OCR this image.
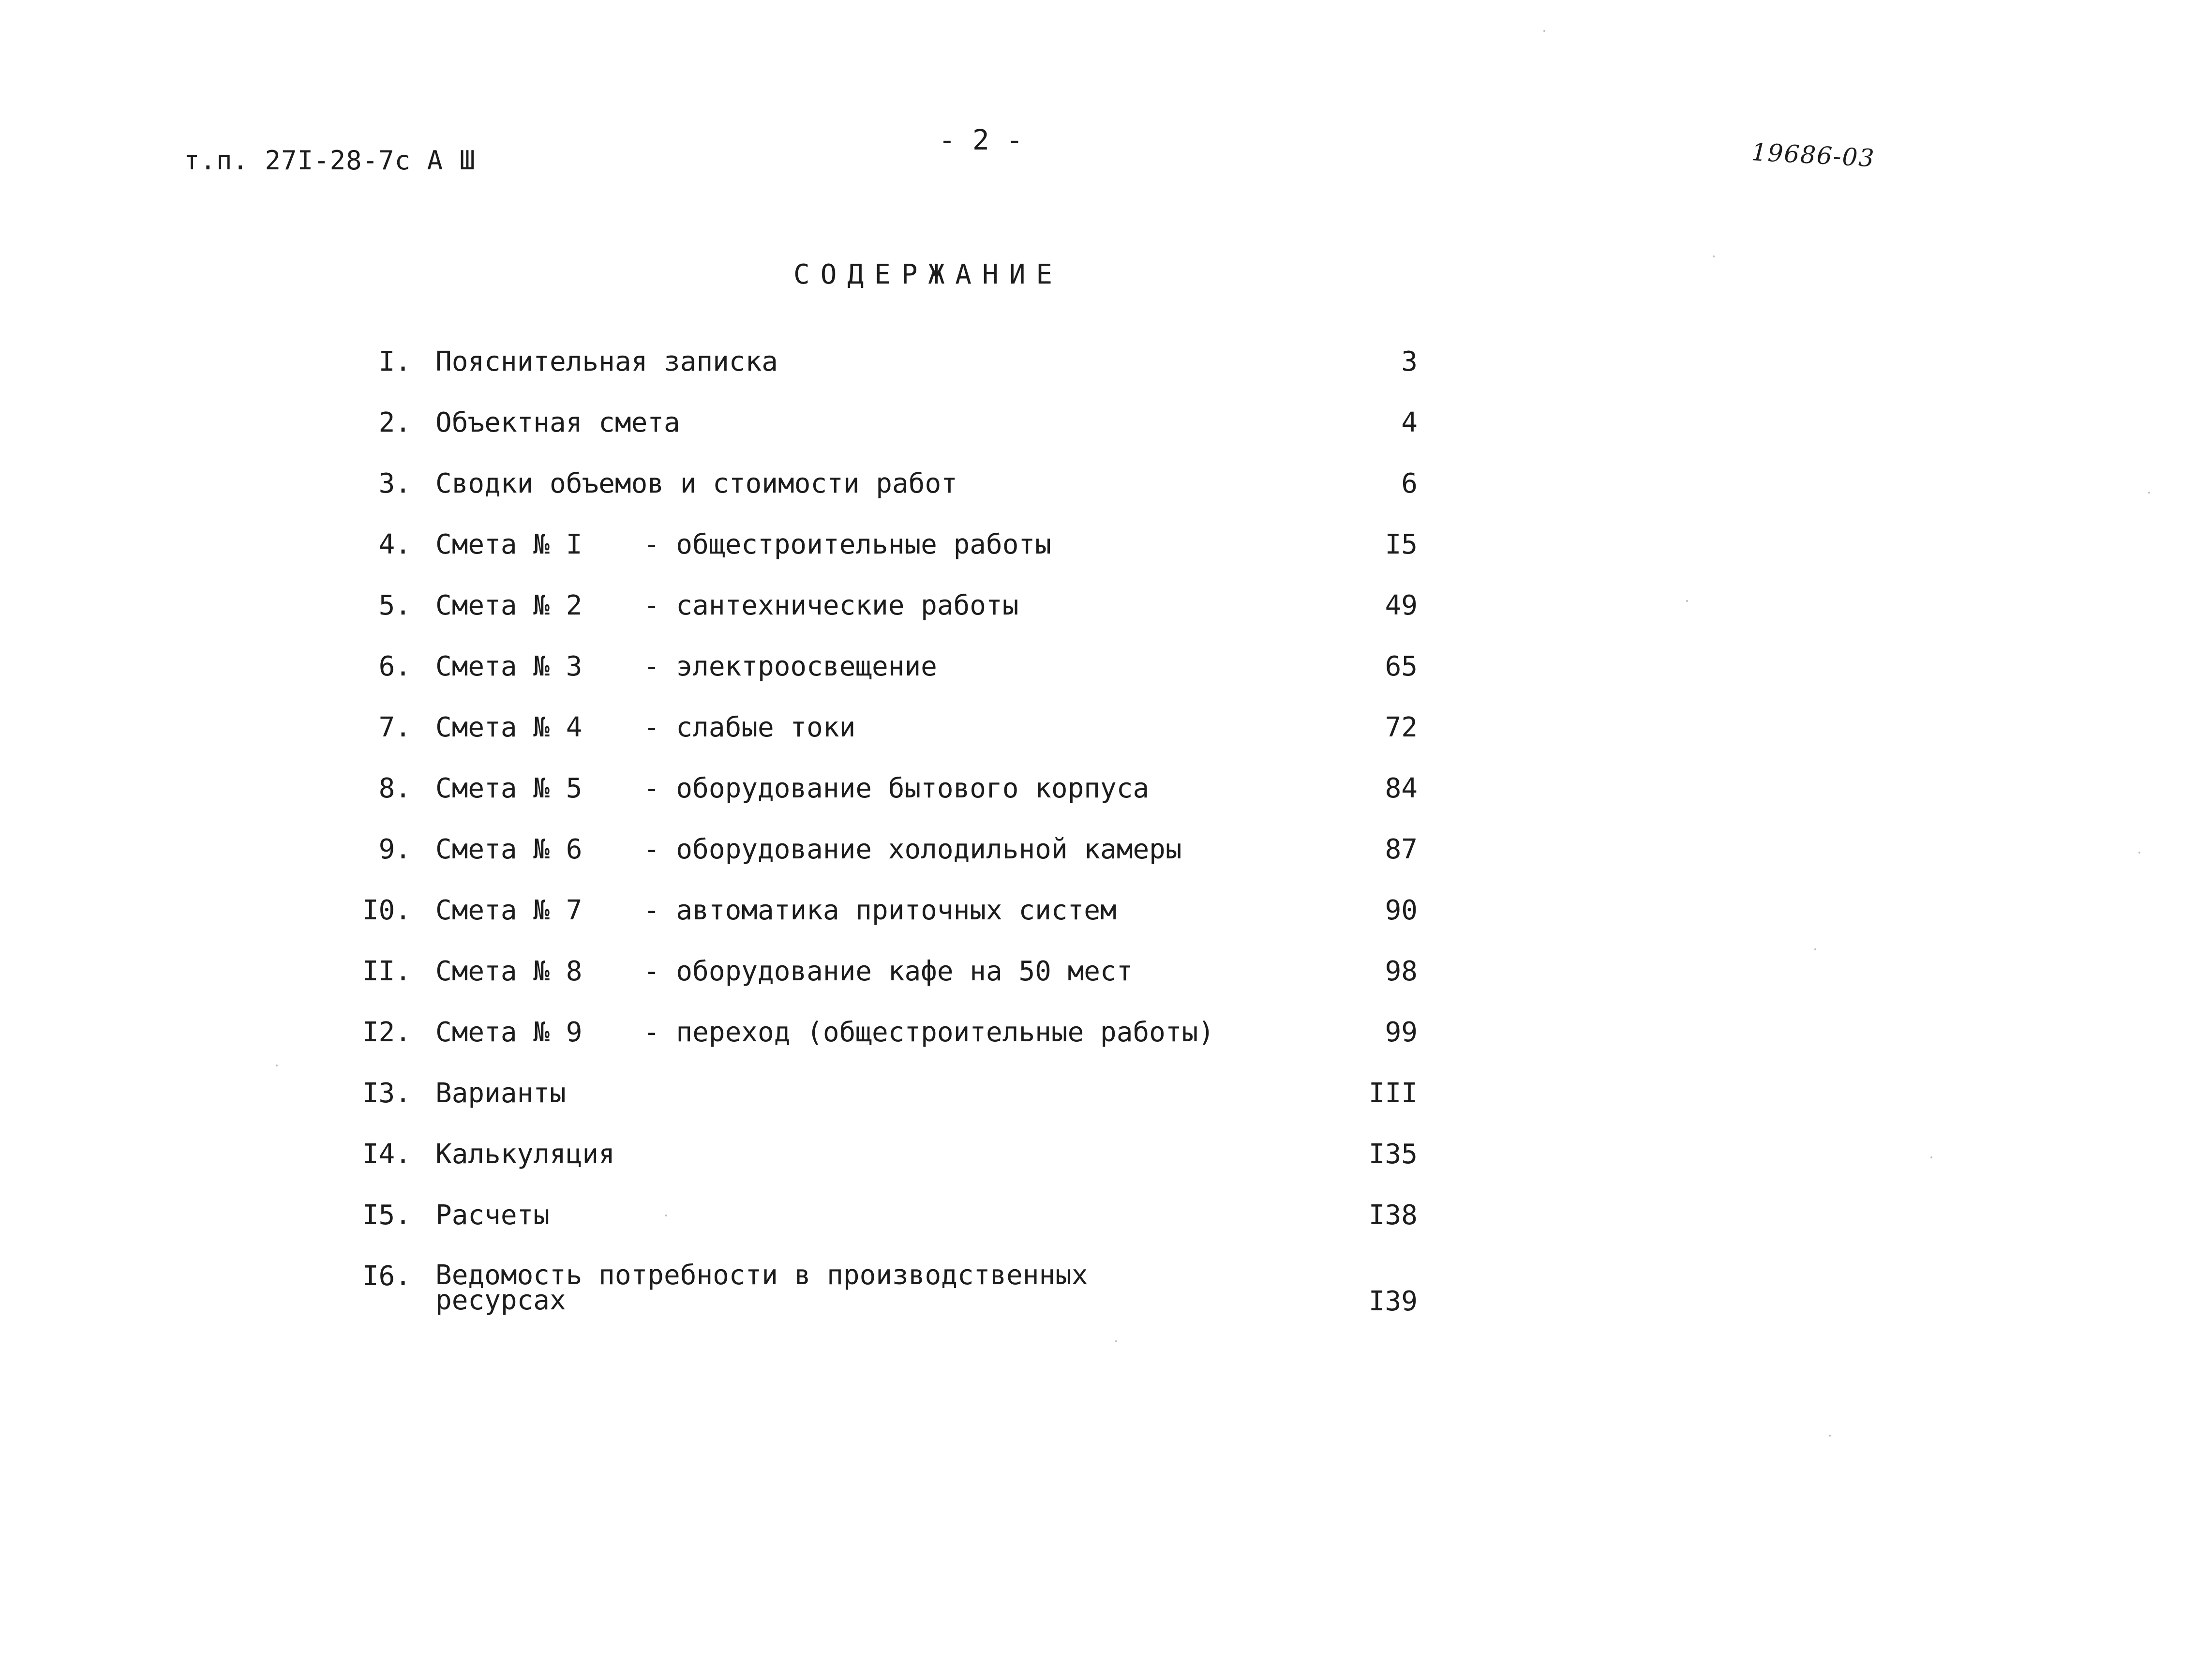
т.п. 27I-28-7с А Ш
- 2 -	19686-03
СОДЕРЖАНИЕ
I. Пояснительная записка	3
2. Объектная смета	4
3. Сводки объемов и стоимости работ	6
4. Смета № I - общестроительные работы	I5
5. Смета № 2 - сантехнические работы	49
6. Смета № 3 - электроосвещение	65
7. Смета № 4 - слабые токи	72
8. Смета № 5 - оборудование бытового корпуса	84
9. Смета № 6 - оборудование холодильной камеры	87
I0. Смета № 7 - автоматика приточных систем	90
II. Смета № 8 - оборудование кафе на 50 мест	98
I2. Смета № 9 - переход (общестроительные работы)	99
I3. Варианты	III
I4. Калькуляция	I35
I5. Расчеты	I38
I6. Ведомость потребности в производственных
ресурсах	I39
